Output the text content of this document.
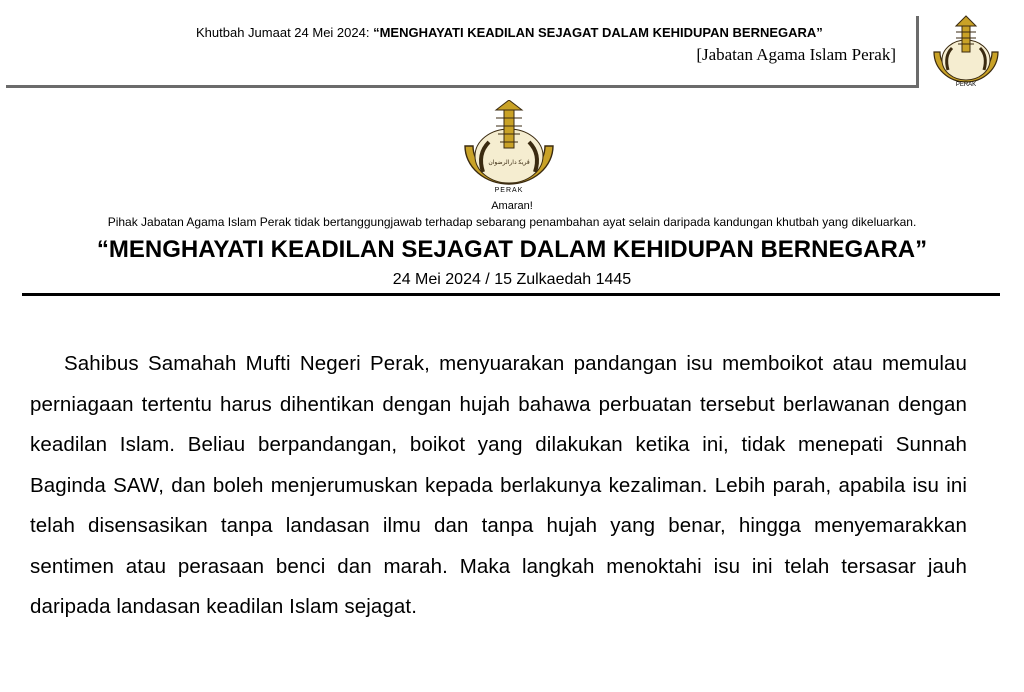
Khutbah Jumaat 24 Mei 2024: “MENGHAYATI KEADILAN SEJAGAT DALAM KEHIDUPAN BERNEGARA”
[Jabatan Agama Islam Perak]
PERAK
ﭬﺮﻳﻜ ﺩﺍﺭﺍﻟﺮﺿﻮﺍﻥ
PERAK
Amaran!
Pihak Jabatan Agama Islam Perak tidak bertanggungjawab terhadap sebarang penambahan ayat selain daripada kandungan khutbah yang dikeluarkan.
“MENGHAYATI KEADILAN SEJAGAT DALAM KEHIDUPAN BERNEGARA”
24 Mei 2024 / 15 Zulkaedah 1445

Sahibus Samahah Mufti Negeri Perak, menyuarakan pandangan isu memboikot atau memulau perniagaan tertentu harus dihentikan dengan hujah bahawa perbuatan tersebut berlawanan dengan keadilan Islam. Beliau berpandangan, boikot yang dilakukan ketika ini, tidak menepati Sunnah Baginda SAW, dan boleh menjerumuskan kepada berlakunya kezaliman. Lebih parah, apabila isu ini telah disensasikan tanpa landasan ilmu dan tanpa hujah yang benar, hingga menyemarakkan sentimen atau perasaan benci dan marah. Maka langkah menoktahi isu ini telah tersasar jauh daripada landasan keadilan Islam sejagat.
